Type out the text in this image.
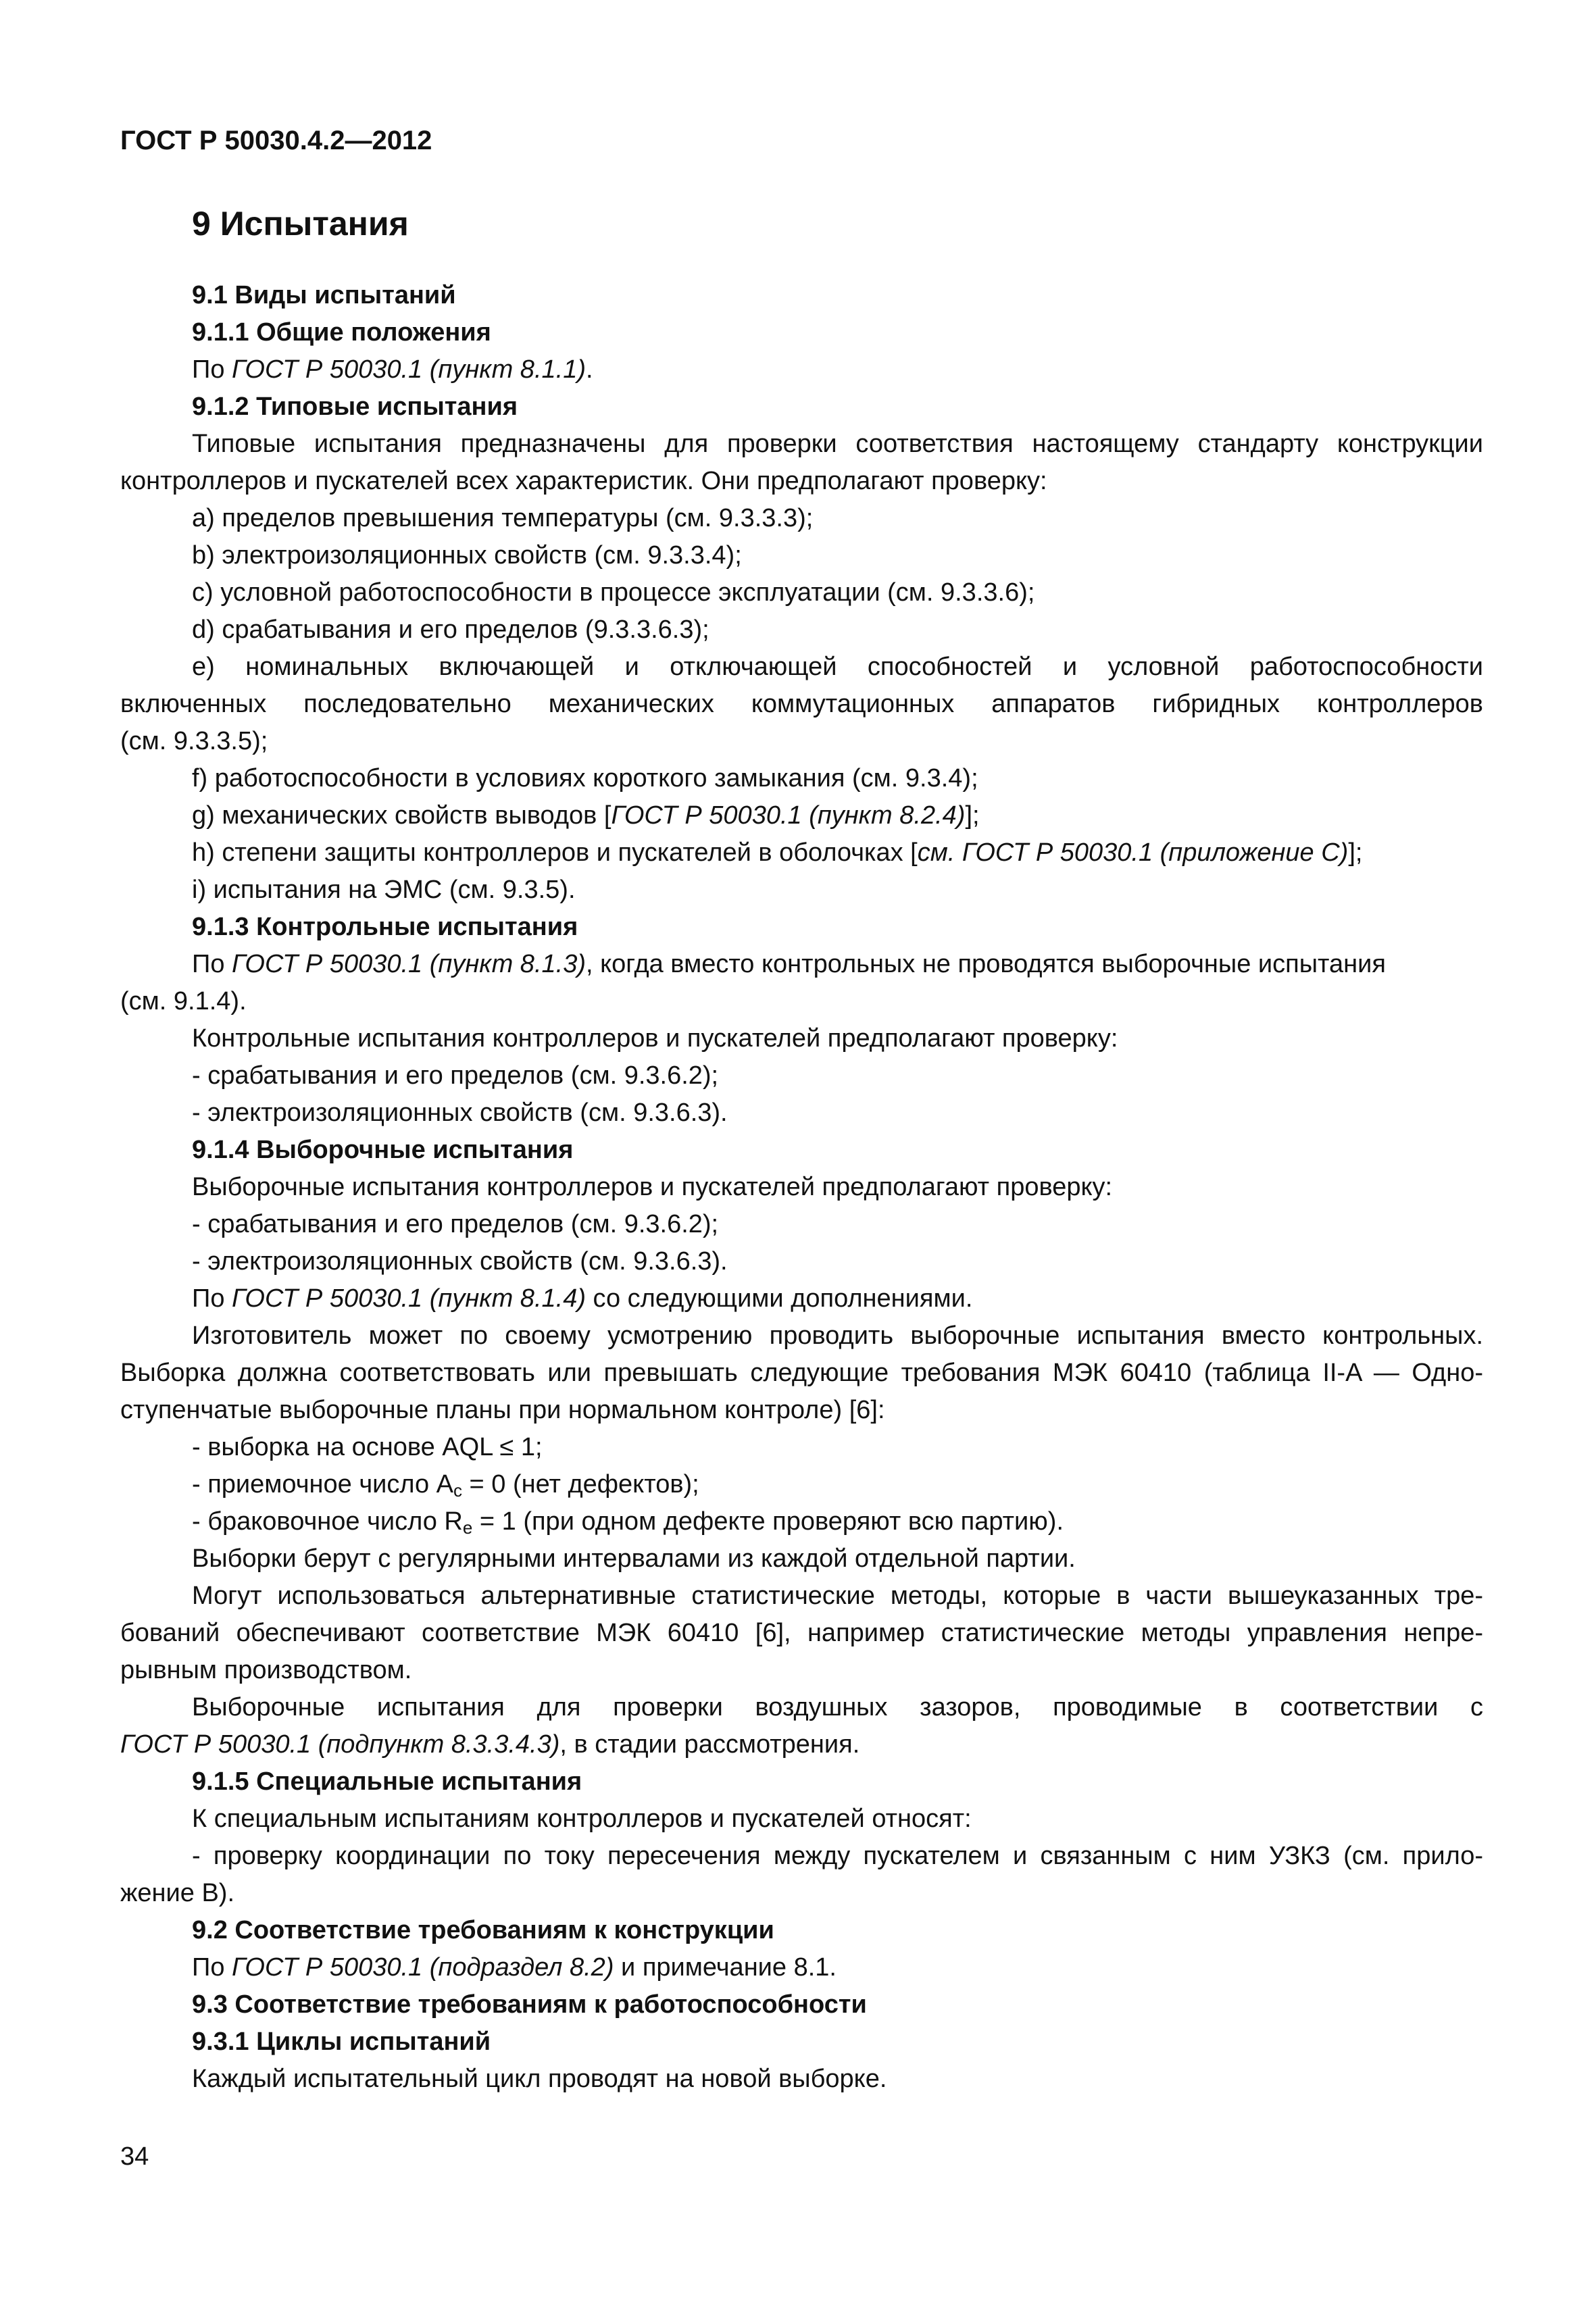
ГОСТ Р 50030.4.2—2012
9 Испытания
9.1 Виды испытаний
9.1.1 Общие положения
По ГОСТ Р 50030.1 (пункт 8.1.1).
9.1.2 Типовые испытания
Типовые испытания предназначены для проверки соответствия настоящему стандарту конструкции
контроллеров и пускателей всех характеристик. Они предполагают проверку:
a) пределов превышения температуры (см. 9.3.3.3);
b) электроизоляционных свойств (см. 9.3.3.4);
c) условной работоспособности в процессе эксплуатации (см. 9.3.3.6);
d) срабатывания и его пределов (9.3.3.6.3);
e) номинальных включающей и отключающей способностей и условной работоспособности
включенных последовательно механических коммутационных аппаратов гибридных контроллеров
(см. 9.3.3.5);
f) работоспособности в условиях короткого замыкания (см. 9.3.4);
g) механических свойств выводов [ГОСТ Р 50030.1 (пункт 8.2.4)];
h) степени защиты контроллеров и пускателей в оболочках [см. ГОСТ Р 50030.1 (приложение С)];
i) испытания на ЭМС (см. 9.3.5).
9.1.3 Контрольные испытания
По ГОСТ Р 50030.1 (пункт 8.1.3), когда вместо контрольных не проводятся выборочные испытания
(см. 9.1.4).
Контрольные испытания контроллеров и пускателей предполагают проверку:
- срабатывания и его пределов (см. 9.3.6.2);
- электроизоляционных свойств (см. 9.3.6.3).
9.1.4 Выборочные испытания
Выборочные испытания контроллеров и пускателей предполагают проверку:
- срабатывания и его пределов (см. 9.3.6.2);
- электроизоляционных свойств (см. 9.3.6.3).
По ГОСТ Р 50030.1 (пункт 8.1.4) со следующими дополнениями.
Изготовитель может по своему усмотрению проводить выборочные испытания вместо контрольных.
Выборка должна соответствовать или превышать следующие требования МЭК 60410 (таблица II-A — Одно-
ступенчатые выборочные планы при нормальном контроле) [6]:
- выборка на основе AQL ≤ 1;
- приемочное число $A_c = 0$ (нет дефектов);
- браковочное число $R_e = 1$ (при одном дефекте проверяют всю партию).
Выборки берут с регулярными интервалами из каждой отдельной партии.
Могут использоваться альтернативные статистические методы, которые в части вышеуказанных тре-
бований обеспечивают соответствие МЭК 60410 [6], например статистические методы управления непре-
рывным производством.
Выборочные испытания для проверки воздушных зазоров, проводимые в соответствии с
ГОСТ Р 50030.1 (подпункт 8.3.3.4.3), в стадии рассмотрения.
9.1.5 Специальные испытания
К специальным испытаниям контроллеров и пускателей относят:
- проверку координации по току пересечения между пускателем и связанным с ним УЗКЗ (см. прило-
жение B).
9.2 Соответствие требованиям к конструкции
По ГОСТ Р 50030.1 (подраздел 8.2) и примечание 8.1.
9.3 Соответствие требованиям к работоспособности
9.3.1 Циклы испытаний
Каждый испытательный цикл проводят на новой выборке.
34
